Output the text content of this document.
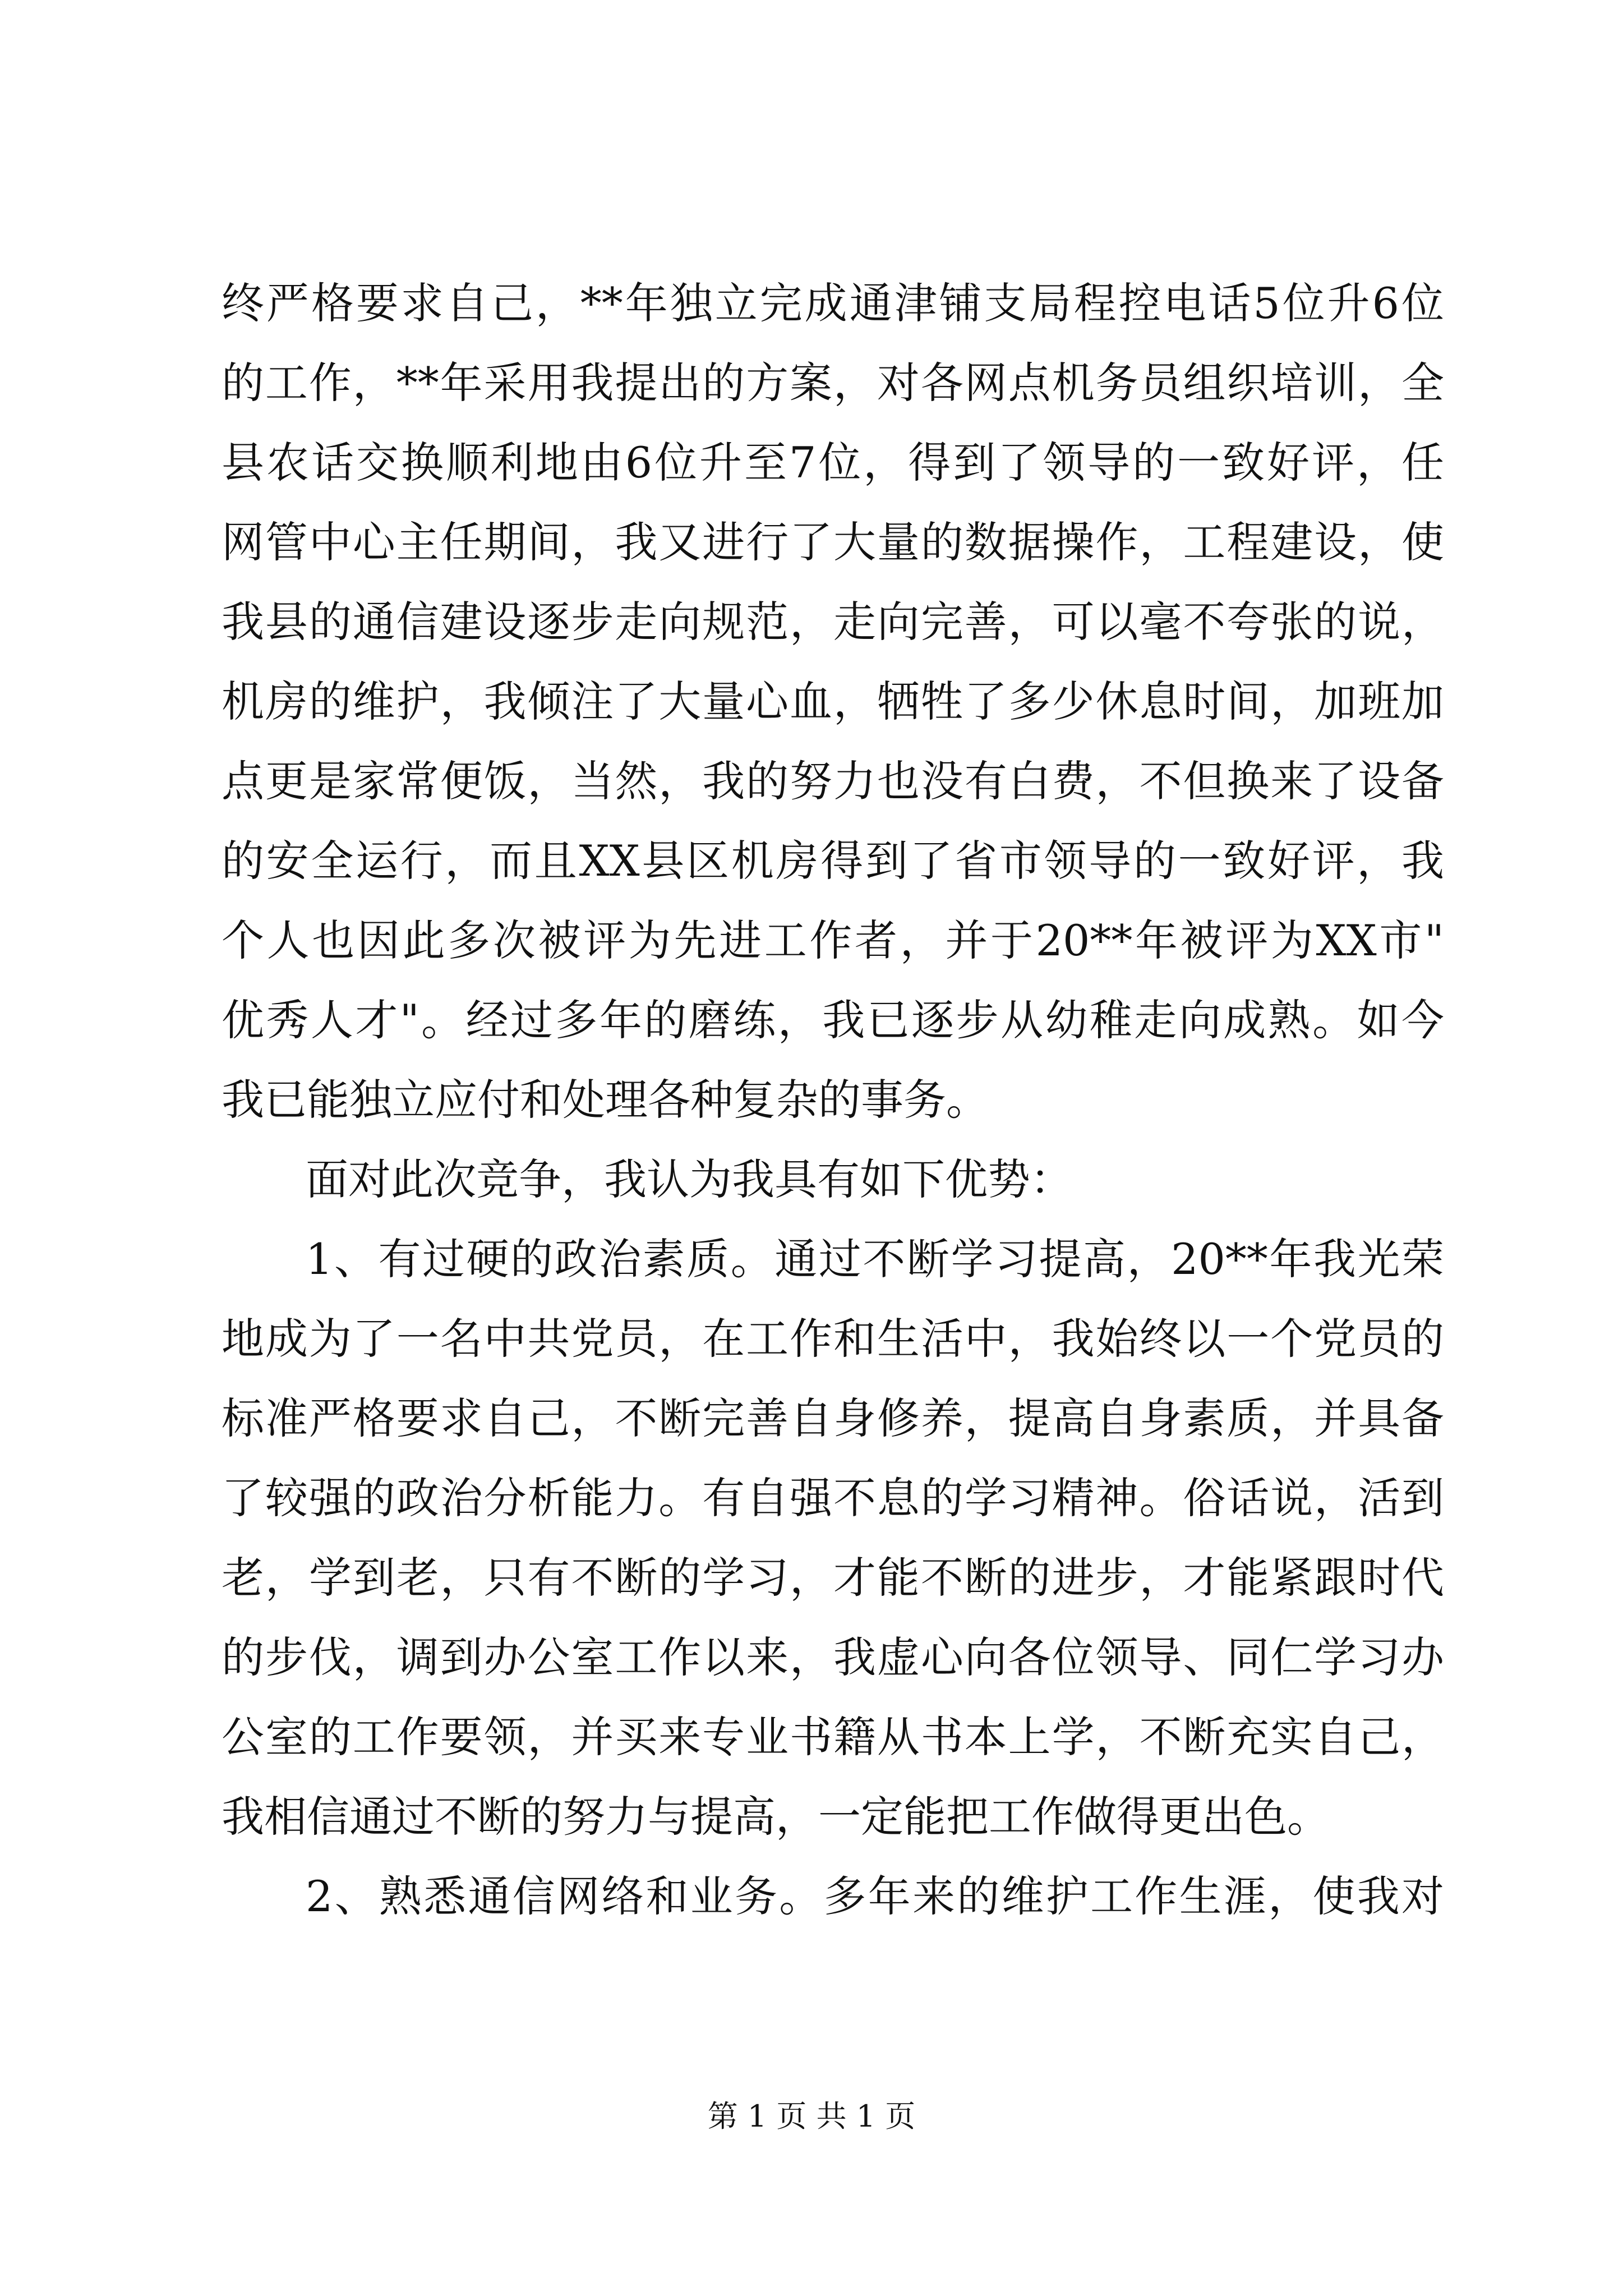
终严格要求自己，**年独立完成通津铺支局程控电话5位升6位
的工作，**年采用我提出的方案，对各网点机务员组织培训，全
县农话交换顺利地由6位升至7位，得到了领导的一致好评，任
网管中心主任期间，我又进行了大量的数据操作，工程建设，使
我县的通信建设逐步走向规范，走向完善，可以毫不夸张的说，
机房的维护，我倾注了大量心血，牺牲了多少休息时间，加班加
点更是家常便饭，当然，我的努力也没有白费，不但换来了设备
的安全运行，而且XX县区机房得到了省市领导的一致好评，我
个人也因此多次被评为先进工作者，并于20**年被评为XX市"
优秀人才"。经过多年的磨练，我已逐步从幼稚走向成熟。如今
我已能独立应付和处理各种复杂的事务。
面对此次竞争，我认为我具有如下优势：
1、有过硬的政治素质。通过不断学习提高，20**年我光荣
地成为了一名中共党员，在工作和生活中，我始终以一个党员的
标准严格要求自己，不断完善自身修养，提高自身素质，并具备
了较强的政治分析能力。有自强不息的学习精神。俗话说，活到
老，学到老，只有不断的学习，才能不断的进步，才能紧跟时代
的步伐，调到办公室工作以来，我虚心向各位领导、同仁学习办
公室的工作要领，并买来专业书籍从书本上学，不断充实自己，
我相信通过不断的努力与提高，一定能把工作做得更出色。
2、熟悉通信网络和业务。多年来的维护工作生涯，使我对
第 1 页 共 1 页
